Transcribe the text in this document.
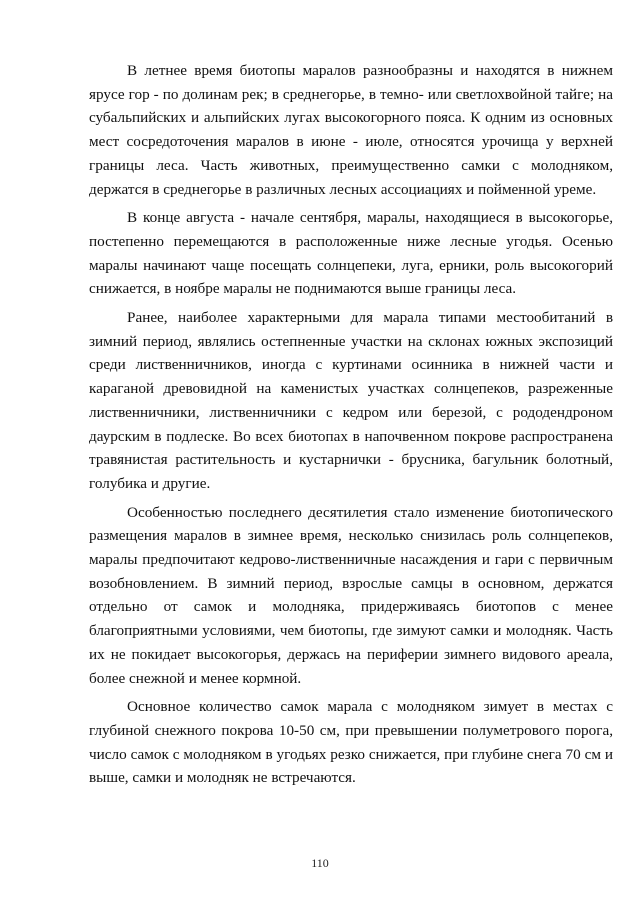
В летнее время биотопы маралов разнообразны и находятся в нижнем ярусе гор - по долинам рек; в среднегорье, в темно- или светлохвойной тайге; на субальпийских и альпийских лугах высокогорного пояса. К одним из основных мест сосредоточения маралов в июне - июле, относятся урочища у верхней границы леса. Часть животных, преимущественно самки с молодняком, держатся в среднегорье в различных лесных ассоциациях и пойменной уреме.

В конце августа - начале сентября, маралы, находящиеся в высокогорье, постепенно перемещаются в расположенные ниже лесные угодья. Осенью маралы начинают чаще посещать солнцепеки, луга, ерники, роль высокогорий снижается, в ноябре маралы не поднимаются выше границы леса.

Ранее, наиболее характерными для марала типами местообитаний в зимний период, являлись остепненные участки на склонах южных экспозиций среди лиственничников, иногда с куртинами осинника в нижней части и караганой древовидной на каменистых участках солнцепеков, разреженные лиственничники, лиственничники с кедром или березой, с рододендроном даурским в подлеске. Во всех биотопах в напочвенном покрове распространена травянистая растительность и кустарнички - брусника, багульник болотный, голубика и другие.

Особенностью последнего десятилетия стало изменение биотопического размещения маралов в зимнее время, несколько снизилась роль солнцепеков, маралы предпочитают кедрово-лиственничные насаждения и гари с первичным возобновлением. В зимний период, взрослые самцы в основном, держатся отдельно от самок и молодняка, придерживаясь биотопов с менее благоприятными условиями, чем биотопы, где зимуют самки и молодняк. Часть их не покидает высокогорья, держась на периферии зимнего видового ареала, более снежной и менее кормной.

Основное количество самок марала с молодняком зимует в местах с глубиной снежного покрова 10-50 см, при превышении полуметрового порога, число самок с молодняком в угодьях резко снижается, при глубине снега 70 см и выше, самки и молодняк не встречаются.

110
